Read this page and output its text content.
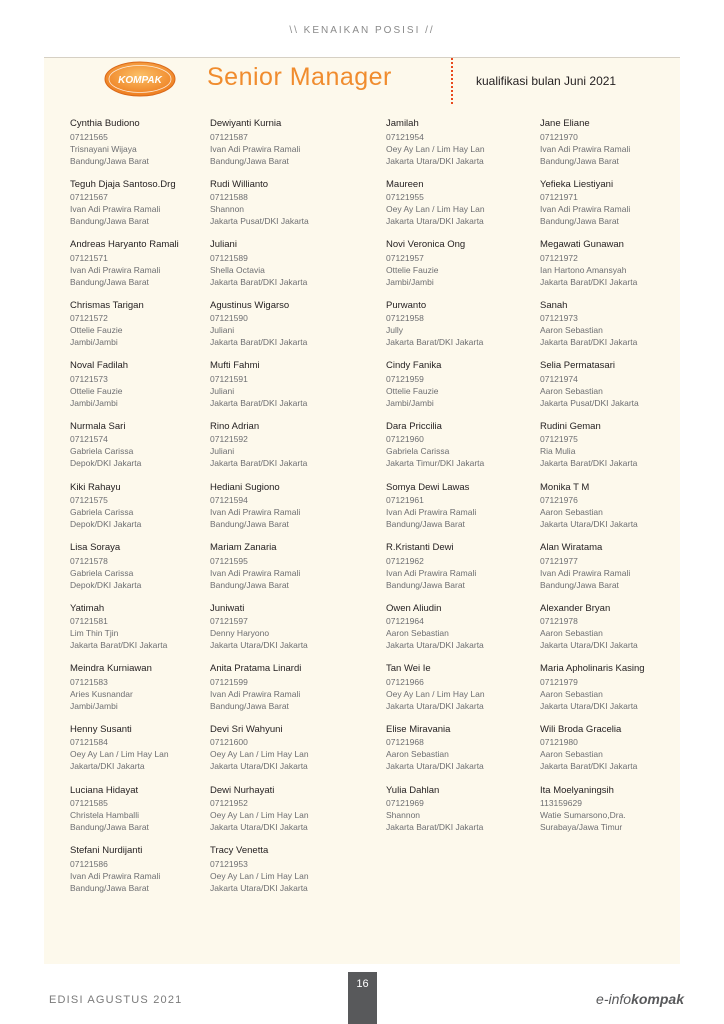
\\ KENAIKAN POSISI //
KOMPAK Senior Manager	kualifikasi bulan Juni 2021
Cynthia Budiono
07121565
Trisnayani Wijaya
Bandung/Jawa Barat
Teguh Djaja Santoso.Drg
07121567
Ivan Adi Prawira Ramali
Bandung/Jawa Barat
Andreas Haryanto Ramali
07121571
Ivan Adi Prawira Ramali
Bandung/Jawa Barat
Chrismas Tarigan
07121572
Ottelie Fauzie
Jambi/Jambi
Noval Fadilah
07121573
Ottelie Fauzie
Jambi/Jambi
Nurmala Sari
07121574
Gabriela Carissa
Depok/DKI Jakarta
Kiki Rahayu
07121575
Gabriela Carissa
Depok/DKI Jakarta
Lisa Soraya
07121578
Gabriela Carissa
Depok/DKI Jakarta
Yatimah
07121581
Lim Thin Tjin
Jakarta Barat/DKI Jakarta
Meindra Kurniawan
07121583
Aries Kusnandar
Jambi/Jambi
Henny Susanti
07121584
Oey Ay Lan / Lim Hay Lan
Jakarta/DKI Jakarta
Luciana Hidayat
07121585
Christela Hamballi
Bandung/Jawa Barat
Stefani Nurdijanti
07121586
Ivan Adi Prawira Ramali
Bandung/Jawa Barat
Dewiyanti Kurnia
07121587
Ivan Adi Prawira Ramali
Bandung/Jawa Barat
Rudi Willianto
07121588
Shannon
Jakarta Pusat/DKI Jakarta
Juliani
07121589
Shella Octavia
Jakarta Barat/DKI Jakarta
Agustinus Wigarso
07121590
Juliani
Jakarta Barat/DKI Jakarta
Mufti Fahmi
07121591
Juliani
Jakarta Barat/DKI Jakarta
Rino Adrian
07121592
Juliani
Jakarta Barat/DKI Jakarta
Hediani Sugiono
07121594
Ivan Adi Prawira Ramali
Bandung/Jawa Barat
Mariam Zanaria
07121595
Ivan Adi Prawira Ramali
Bandung/Jawa Barat
Juniwati
07121597
Denny Haryono
Jakarta Utara/DKI Jakarta
Anita Pratama Linardi
07121599
Ivan Adi Prawira Ramali
Bandung/Jawa Barat
Devi Sri Wahyuni
07121600
Oey Ay Lan / Lim Hay Lan
Jakarta Utara/DKI Jakarta
Dewi Nurhayati
07121952
Oey Ay Lan / Lim Hay Lan
Jakarta Utara/DKI Jakarta
Tracy Venetta
07121953
Oey Ay Lan / Lim Hay Lan
Jakarta Utara/DKI Jakarta
Jamilah
07121954
Oey Ay Lan / Lim Hay Lan
Jakarta Utara/DKI Jakarta
Maureen
07121955
Oey Ay Lan / Lim Hay Lan
Jakarta Utara/DKI Jakarta
Novi Veronica Ong
07121957
Ottelie Fauzie
Jambi/Jambi
Purwanto
07121958
Jully
Jakarta Barat/DKI Jakarta
Cindy Fanika
07121959
Ottelie Fauzie
Jambi/Jambi
Dara Priccilia
07121960
Gabriela Carissa
Jakarta Timur/DKI Jakarta
Somya Dewi Lawas
07121961
Ivan Adi Prawira Ramali
Bandung/Jawa Barat
R.Kristanti Dewi
07121962
Ivan Adi Prawira Ramali
Bandung/Jawa Barat
Owen Aliudin
07121964
Aaron Sebastian
Jakarta Utara/DKI Jakarta
Tan Wei Ie
07121966
Oey Ay Lan / Lim Hay Lan
Jakarta Utara/DKI Jakarta
Elise Miravania
07121968
Aaron Sebastian
Jakarta Utara/DKI Jakarta
Yulia Dahlan
07121969
Shannon
Jakarta Barat/DKI Jakarta
Jane Eliane
07121970
Ivan Adi Prawira Ramali
Bandung/Jawa Barat
Yefieka Liestiyani
07121971
Ivan Adi Prawira Ramali
Bandung/Jawa Barat
Megawati Gunawan
07121972
Ian Hartono Amansyah
Jakarta Barat/DKI Jakarta
Sanah
07121973
Aaron Sebastian
Jakarta Barat/DKI Jakarta
Selia Permatasari
07121974
Aaron Sebastian
Jakarta Pusat/DKI Jakarta
Rudini Geman
07121975
Ria Mulia
Jakarta Barat/DKI Jakarta
Monika T M
07121976
Aaron Sebastian
Jakarta Utara/DKI Jakarta
Alan Wiratama
07121977
Ivan Adi Prawira Ramali
Bandung/Jawa Barat
Alexander Bryan
07121978
Aaron Sebastian
Jakarta Utara/DKI Jakarta
Maria Apholinaris Kasing
07121979
Aaron Sebastian
Jakarta Utara/DKI Jakarta
Wili Broda Gracelia
07121980
Aaron Sebastian
Jakarta Barat/DKI Jakarta
Ita Moelyaningsih
113159629
Watie Sumarsono,Dra.
Surabaya/Jawa Timur
16
EDISI AGUSTUS 2021	e-infokompak
